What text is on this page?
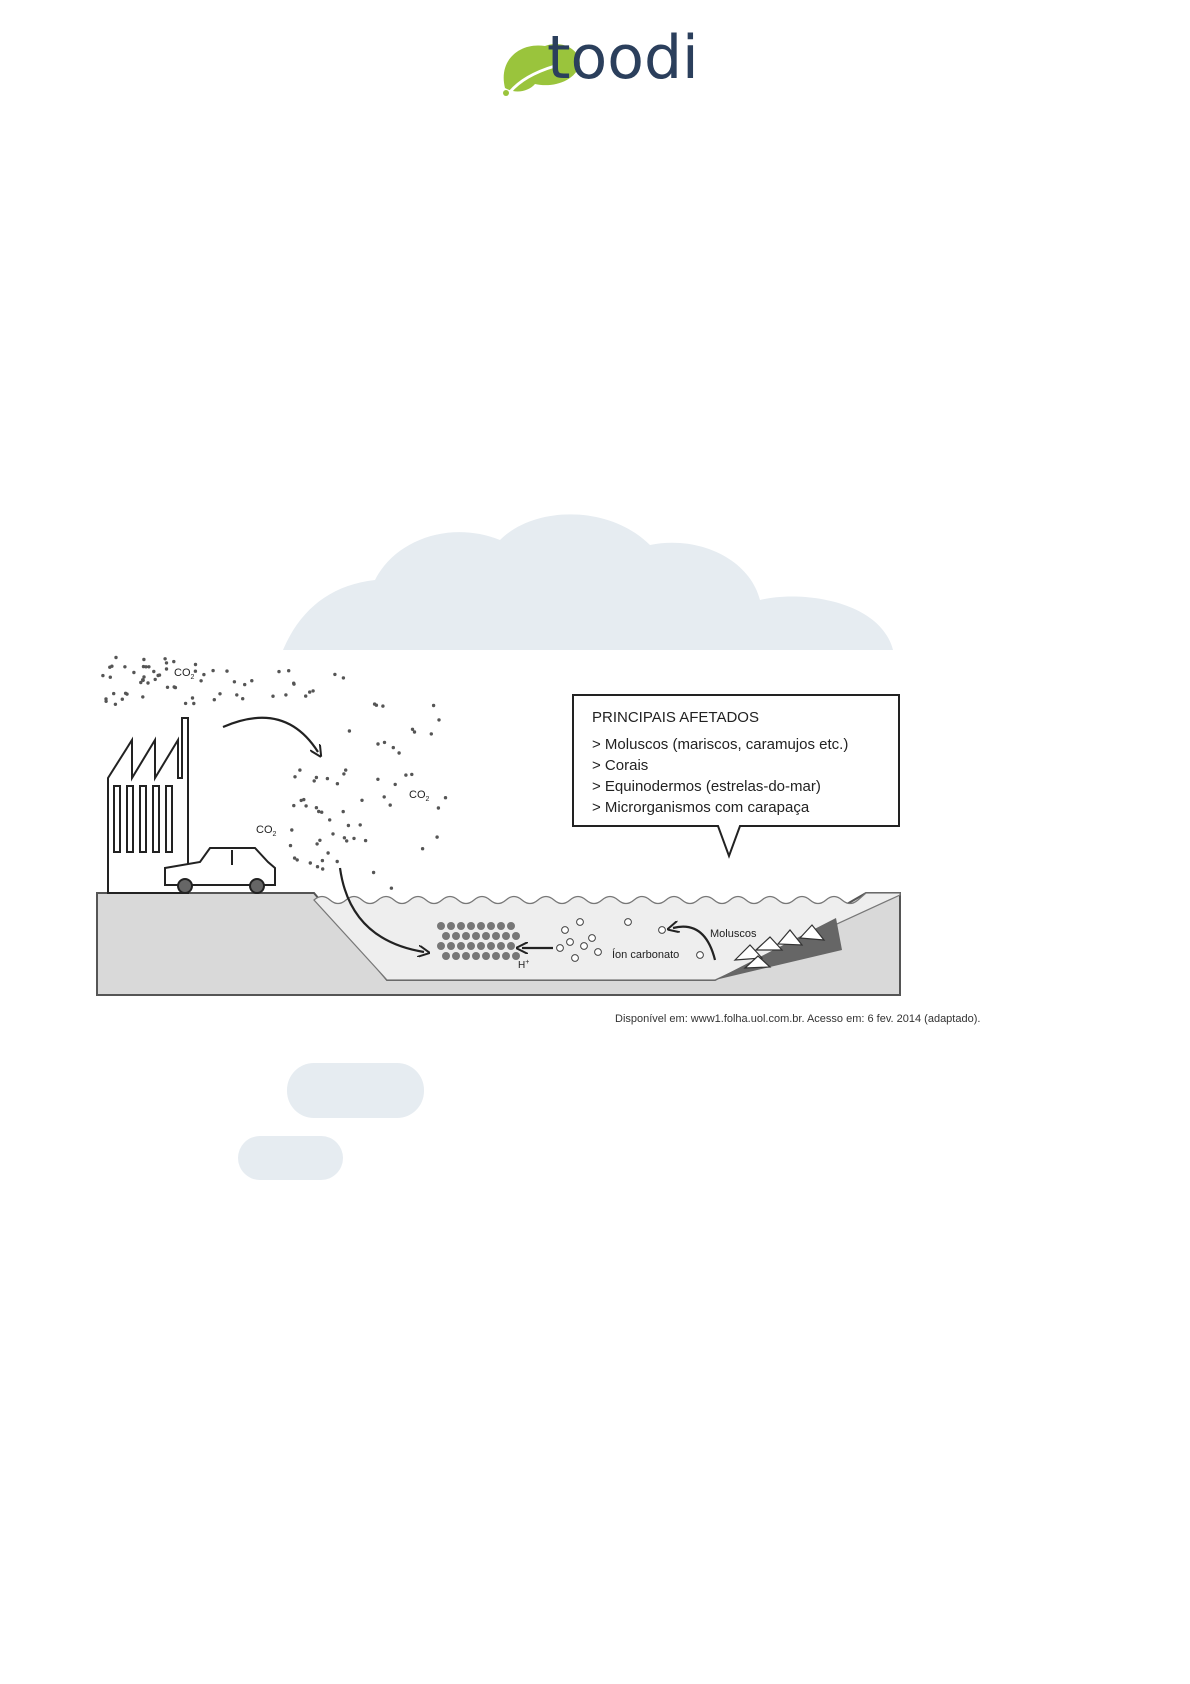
toodi
$CO_2$
$CO_2$
$CO_2$
H+
Íon carbonato
Moluscos
PRINCIPAIS AFETADOS
> Moluscos (mariscos, caramujos etc.)
> Corais
> Equinodermos (estrelas-do-mar)
> Microrganismos com carapaça
Disponível em: www1.folha.uol.com.br. Acesso em: 6 fev. 2014 (adaptado).
